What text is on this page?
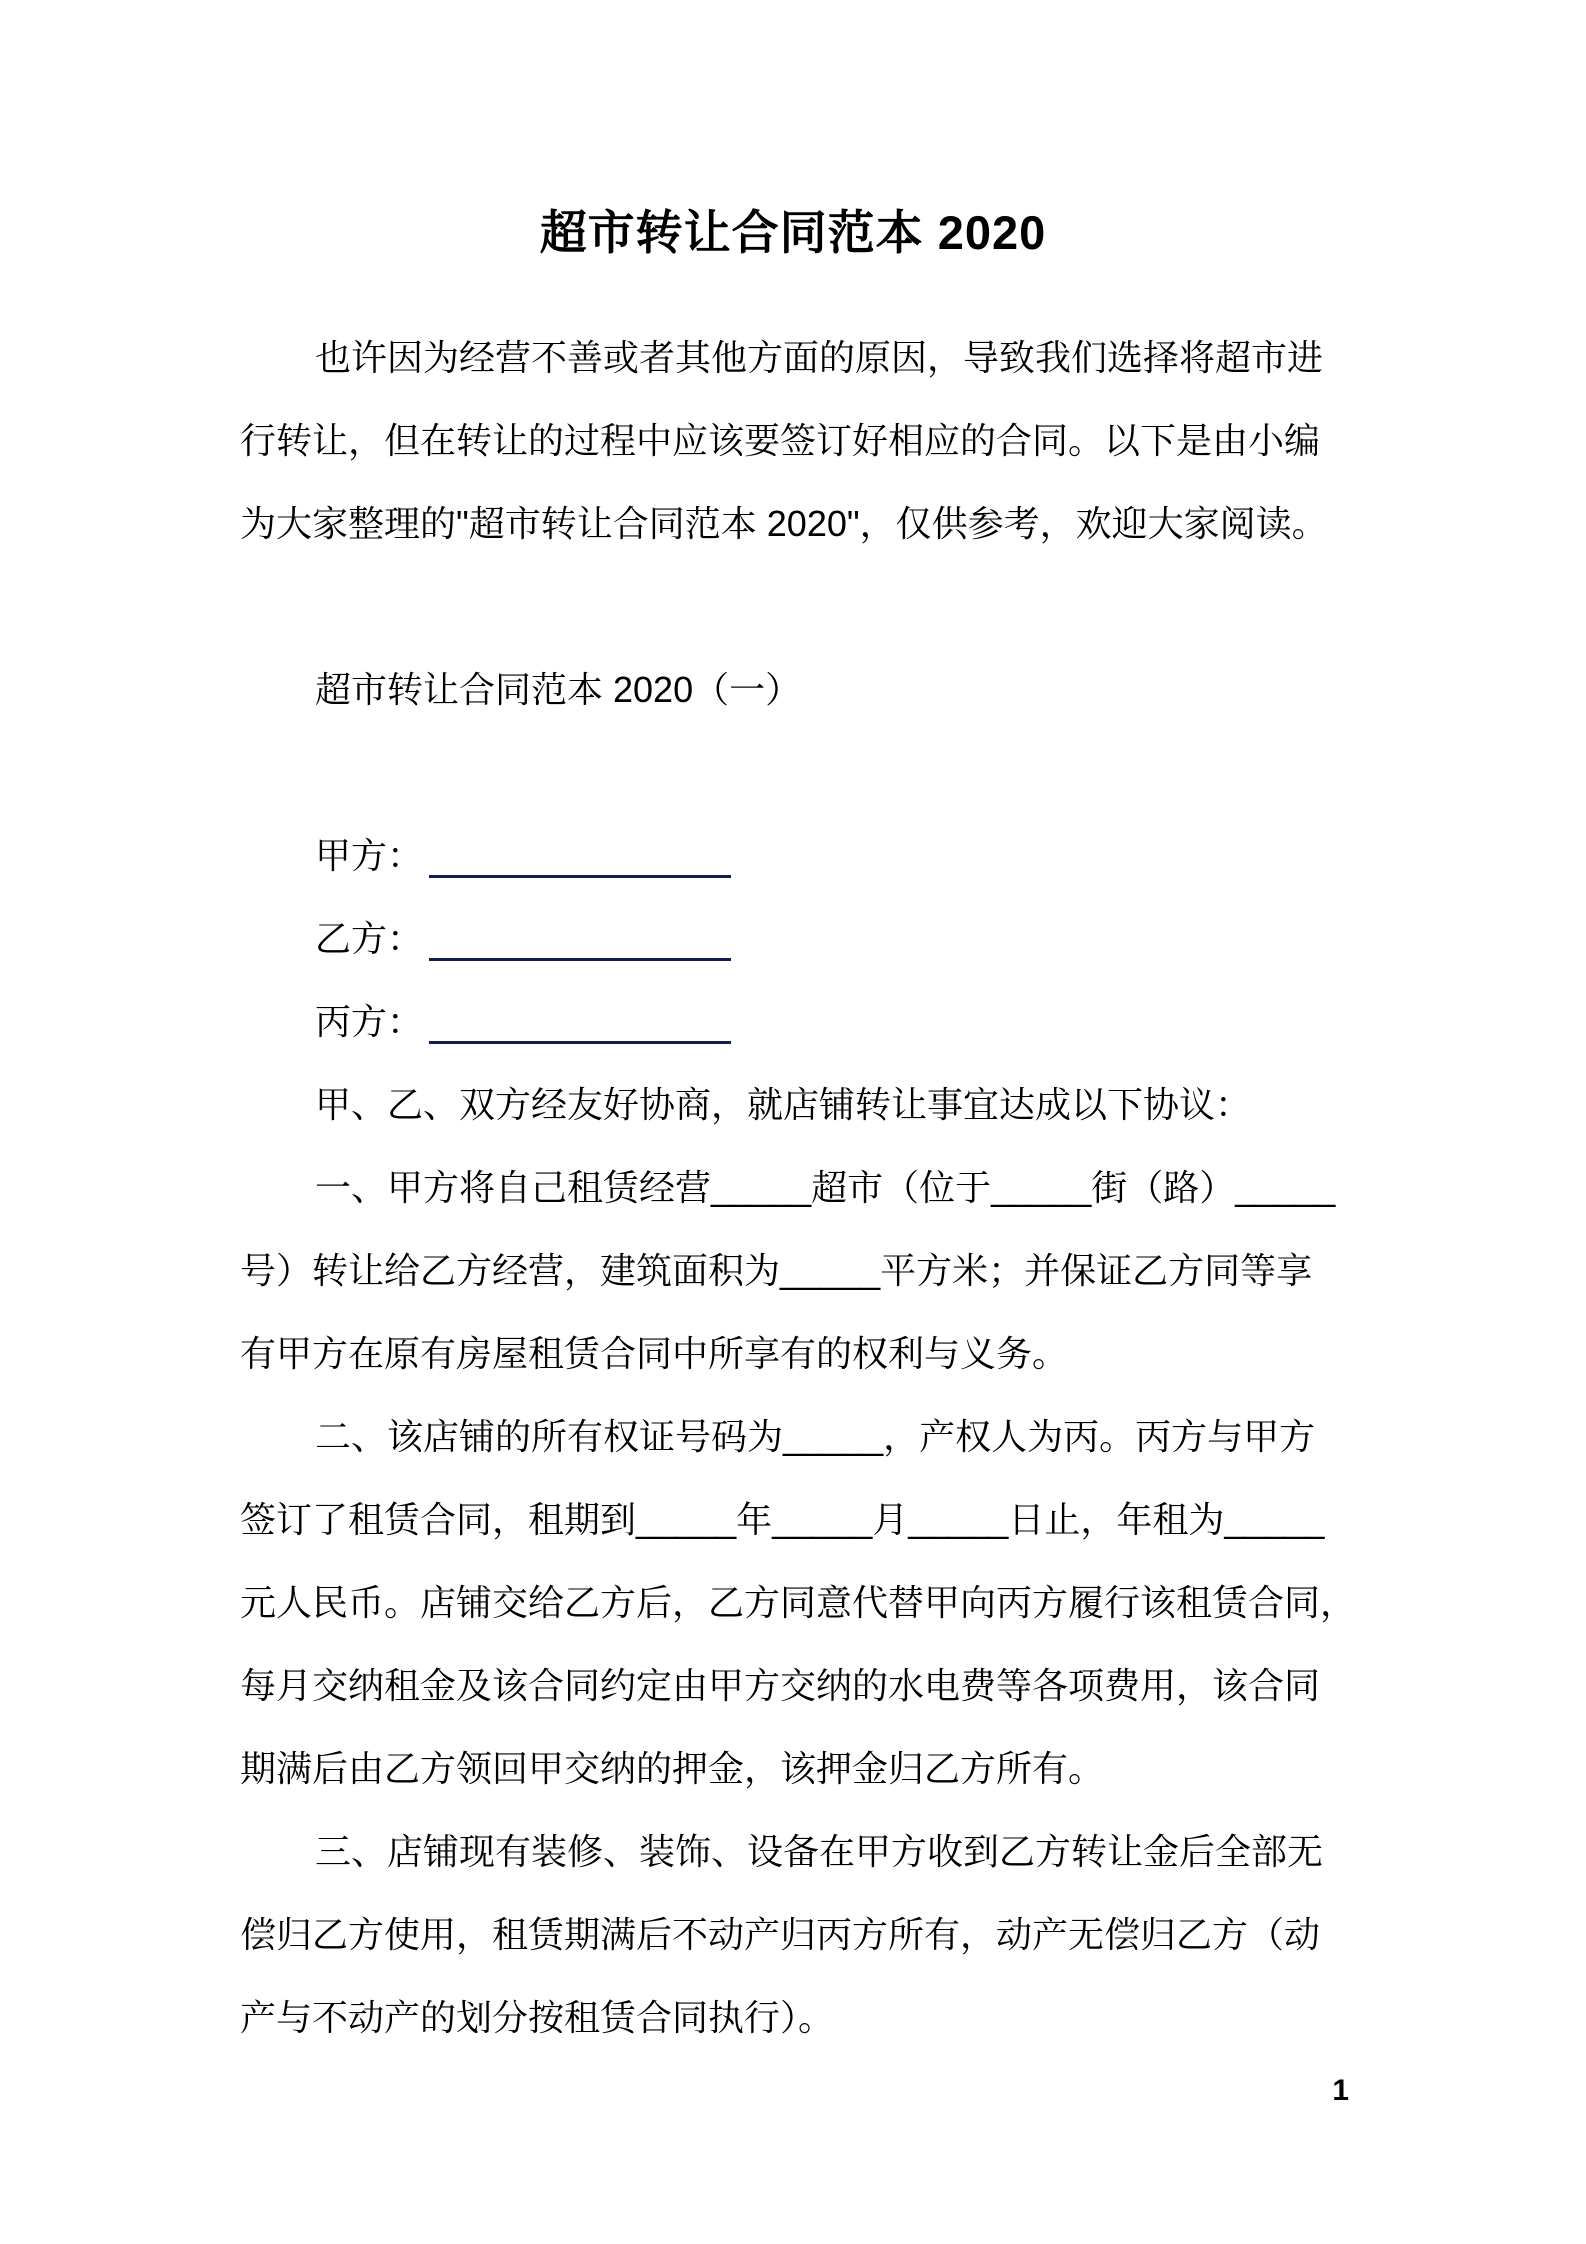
超市转让合同范本 2020
也许因为经营不善或者其他方面的原因，导致我们选择将超市进
行转让，但在转让的过程中应该要签订好相应的合同。以下是由小编
为大家整理的"超市转让合同范本 2020"，仅供参考，欢迎大家阅读。
超市转让合同范本 2020（一）
甲方：
乙方：
丙方：
甲、乙、双方经友好协商，就店铺转让事宜达成以下协议：
一、甲方将自己租赁经营_____超市（位于_____街（路）_____
号）转让给乙方经营，建筑面积为_____平方米；并保证乙方同等享
有甲方在原有房屋租赁合同中所享有的权利与义务。
二、该店铺的所有权证号码为_____，产权人为丙。丙方与甲方
签订了租赁合同，租期到_____年_____月_____日止，年租为_____
元人民币。店铺交给乙方后，乙方同意代替甲向丙方履行该租赁合同，
每月交纳租金及该合同约定由甲方交纳的水电费等各项费用，该合同
期满后由乙方领回甲交纳的押金，该押金归乙方所有。
三、店铺现有装修、装饰、设备在甲方收到乙方转让金后全部无
偿归乙方使用，租赁期满后不动产归丙方所有，动产无偿归乙方（动
产与不动产的划分按租赁合同执行）。
1
